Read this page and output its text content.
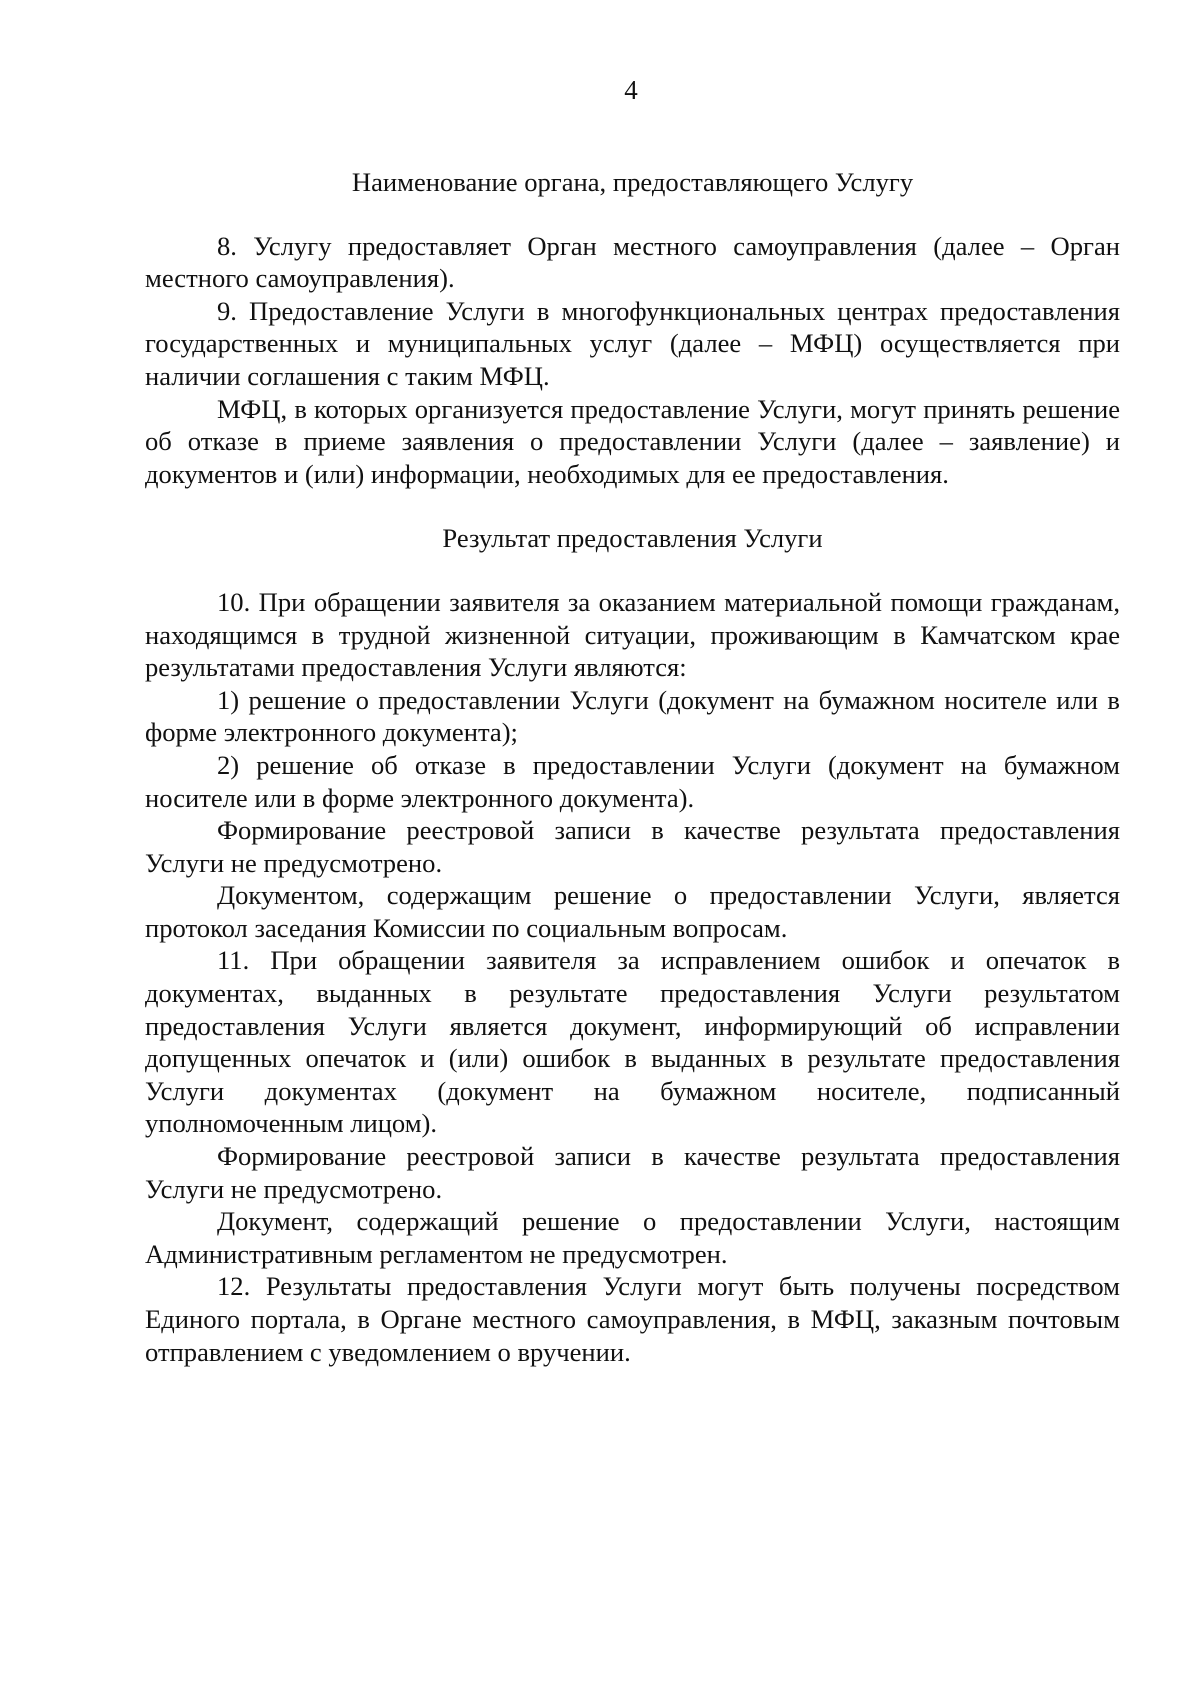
4

Наименование органа, предоставляющего Услугу

8. Услугу предоставляет Орган местного самоуправления (далее – Орган местного самоуправления).

9. Предоставление Услуги в многофункциональных центрах предоставления государственных и муниципальных услуг (далее – МФЦ) осуществляется при наличии соглашения с таким МФЦ.

МФЦ, в которых организуется предоставление Услуги, могут принять решение об отказе в приеме заявления о предоставлении Услуги (далее – заявление) и документов и (или) информации, необходимых для ее предоставления.

Результат предоставления Услуги

10. При обращении заявителя за оказанием материальной помощи гражданам, находящимся в трудной жизненной ситуации, проживающим в Камчатском крае результатами предоставления Услуги являются:

1) решение о предоставлении Услуги (документ на бумажном носителе или в форме электронного документа);

2) решение об отказе в предоставлении Услуги (документ на бумажном носителе или в форме электронного документа).

Формирование реестровой записи в качестве результата предоставления Услуги не предусмотрено.

Документом, содержащим решение о предоставлении Услуги, является протокол заседания Комиссии по социальным вопросам.

11. При обращении заявителя за исправлением ошибок и опечаток в документах, выданных в результате предоставления Услуги результатом предоставления Услуги является документ, информирующий об исправлении допущенных опечаток и (или) ошибок в выданных в результате предоставления Услуги документах (документ на бумажном носителе, подписанный уполномоченным лицом).

Формирование реестровой записи в качестве результата предоставления Услуги не предусмотрено.

Документ, содержащий решение о предоставлении Услуги, настоящим Административным регламентом не предусмотрен.

12. Результаты предоставления Услуги могут быть получены посредством Единого портала, в Органе местного самоуправления, в МФЦ, заказным почтовым отправлением с уведомлением о вручении.
